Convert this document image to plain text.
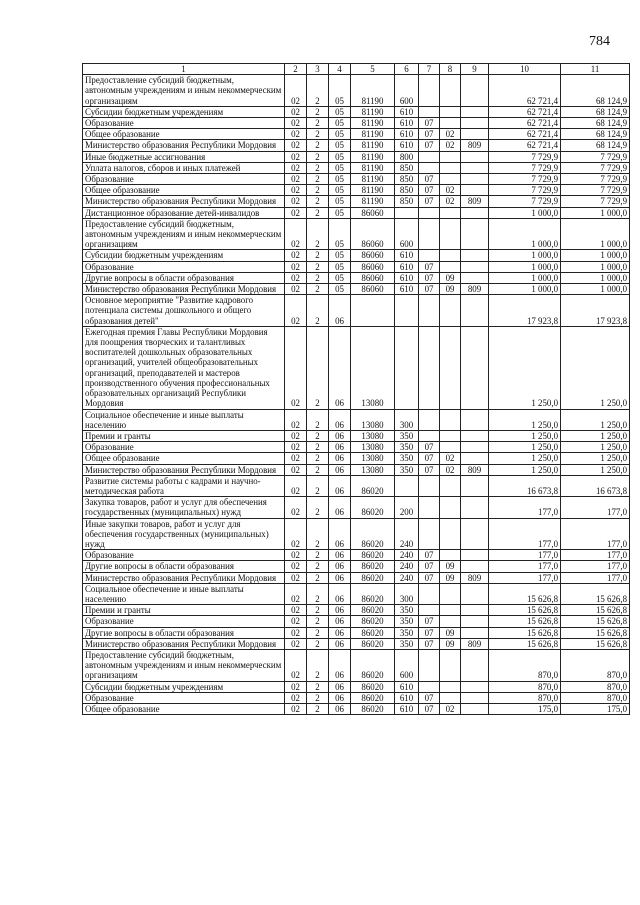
784
1	2	3	4	5	6	7	8	9	10	11
Предоставление субсидий бюджетным, автономным учреждениям и иным некоммерческим организациям	02	2	05	81190	600				62 721,4	68 124,9
Субсидии бюджетным учреждениям	02	2	05	81190	610				62 721,4	68 124,9
Образование	02	2	05	81190	610	07			62 721,4	68 124,9
Общее образование	02	2	05	81190	610	07	02		62 721,4	68 124,9
Министерство образования Республики Мордовия	02	2	05	81190	610	07	02	809	62 721,4	68 124,9
Иные бюджетные ассигнования	02	2	05	81190	800				7 729,9	7 729,9
Уплата налогов, сборов и иных платежей	02	2	05	81190	850				7 729,9	7 729,9
Образование	02	2	05	81190	850	07			7 729,9	7 729,9
Общее образование	02	2	05	81190	850	07	02		7 729,9	7 729,9
Министерство образования Республики Мордовия	02	2	05	81190	850	07	02	809	7 729,9	7 729,9
Дистанционное образование детей-инвалидов	02	2	05	86060					1 000,0	1 000,0
Предоставление субсидий бюджетным, автономным учреждениям и иным некоммерческим организациям	02	2	05	86060	600				1 000,0	1 000,0
Субсидии бюджетным учреждениям	02	2	05	86060	610				1 000,0	1 000,0
Образование	02	2	05	86060	610	07			1 000,0	1 000,0
Другие вопросы в области образования	02	2	05	86060	610	07	09		1 000,0	1 000,0
Министерство образования Республики Мордовия	02	2	05	86060	610	07	09	809	1 000,0	1 000,0
Основное мероприятие "Развитие кадрового потенциала системы дошкольного и общего образования детей"	02	2	06						17 923,8	17 923,8
Ежегодная премия Главы Республики Мордовия для поощрения творческих и талантливых воспитателей дошкольных образовательных организаций, учителей общеобразовательных организаций, преподавателей и мастеров производственного обучения профессиональных образовательных организаций Республики Мордовия	02	2	06	13080					1 250,0	1 250,0
Социальное обеспечение и иные выплаты населению	02	2	06	13080	300				1 250,0	1 250,0
Премии и гранты	02	2	06	13080	350				1 250,0	1 250,0
Образование	02	2	06	13080	350	07			1 250,0	1 250,0
Общее образование	02	2	06	13080	350	07	02		1 250,0	1 250,0
Министерство образования Республики Мордовия	02	2	06	13080	350	07	02	809	1 250,0	1 250,0
Развитие системы работы с кадрами и научно-методическая работа	02	2	06	86020					16 673,8	16 673,8
Закупка товаров, работ и услуг для обеспечения государственных (муниципальных) нужд	02	2	06	86020	200				177,0	177,0
Иные закупки товаров, работ и услуг для обеспечения государственных (муниципальных) нужд	02	2	06	86020	240				177,0	177,0
Образование	02	2	06	86020	240	07			177,0	177,0
Другие вопросы в области образования	02	2	06	86020	240	07	09		177,0	177,0
Министерство образования Республики Мордовия	02	2	06	86020	240	07	09	809	177,0	177,0
Социальное обеспечение и иные выплаты населению	02	2	06	86020	300				15 626,8	15 626,8
Премии и гранты	02	2	06	86020	350				15 626,8	15 626,8
Образование	02	2	06	86020	350	07			15 626,8	15 626,8
Другие вопросы в области образования	02	2	06	86020	350	07	09		15 626,8	15 626,8
Министерство образования Республики Мордовия	02	2	06	86020	350	07	09	809	15 626,8	15 626,8
Предоставление субсидий бюджетным, автономным учреждениям и иным некоммерческим организациям	02	2	06	86020	600				870,0	870,0
Субсидии бюджетным учреждениям	02	2	06	86020	610				870,0	870,0
Образование	02	2	06	86020	610	07			870,0	870,0
Общее образование	02	2	06	86020	610	07	02		175,0	175,0
